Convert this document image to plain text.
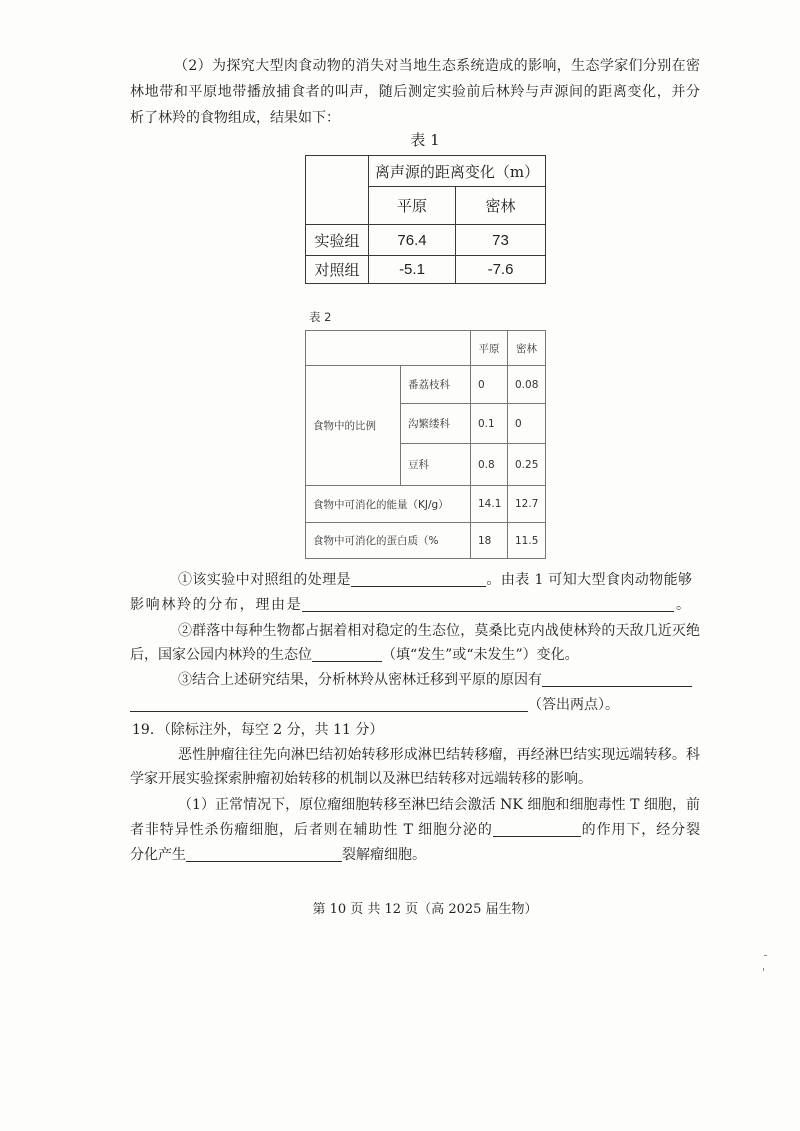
（2）为探究大型肉食动物的消失对当地生态系统造成的影响，生态学家们分别在密
林地带和平原地带播放捕食者的叫声，随后测定实验前后林羚与声源间的距离变化，并分
析了林羚的食物组成，结果如下：
表 1
	离声源的距离变化（m）	
	平原	密林
实验组	76.4	73
对照组	-5.1	-7.6
表 2
		平原	密林
食物中的比例	番荔枝科	0	0.08
	沟繁缕科	0.1	0
	豆科	0.8	0.25
食物中可消化的能量（KJ/g）		14.1	12.7
食物中可消化的蛋白质（%		18	11.5
①该实验中对照组的处理是	。由表 1 可知大型食肉动物能够
影响林羚的分布，理由是	。
②群落中每种生物都占据着相对稳定的生态位，莫桑比克内战使林羚的天敌几近灭绝
后，国家公园内林羚的生态位	（填“发生”或“未发生”）变化。
③结合上述研究结果，分析林羚从密林迁移到平原的原因有
（答出两点）。
19．（除标注外，每空 2 分，共 11 分）
恶性肿瘤往往先向淋巴结初始转移形成淋巴结转移瘤，再经淋巴结实现远端转移。科
学家开展实验探索肿瘤初始转移的机制以及淋巴结转移对远端转移的影响。
（1）正常情况下，原位瘤细胞转移至淋巴结会激活 NK 细胞和细胞毒性 T 细胞，前
者非特异性杀伤瘤细胞，后者则在辅助性 T 细胞分泌的	的作用下，经分裂
分化产生	裂解瘤细胞。
第 10 页 共 12 页（高 2025 届生物）
